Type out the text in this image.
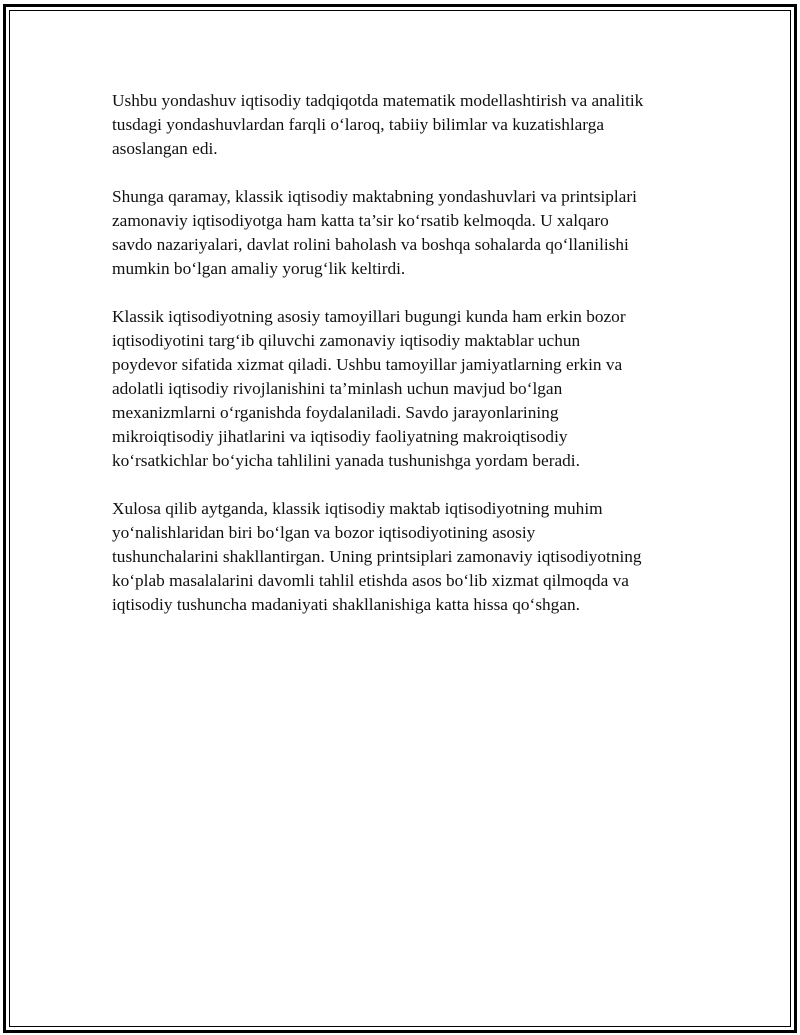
Ushbu yondashuv iqtisodiy tadqiqotda matematik modellashtirish va analitik
tusdagi yondashuvlardan farqli o‘laroq, tabiiy bilimlar va kuzatishlarga
asoslangan edi.

Shunga qaramay, klassik iqtisodiy maktabning yondashuvlari va printsiplari
zamonaviy iqtisodiyotga ham katta ta’sir ko‘rsatib kelmoqda. U xalqaro
savdo nazariyalari, davlat rolini baholash va boshqa sohalarda qo‘llanilishi
mumkin bo‘lgan amaliy yorug‘lik keltirdi.

Klassik iqtisodiyotning asosiy tamoyillari bugungi kunda ham erkin bozor
iqtisodiyotini targ‘ib qiluvchi zamonaviy iqtisodiy maktablar uchun
poydevor sifatida xizmat qiladi. Ushbu tamoyillar jamiyatlarning erkin va
adolatli iqtisodiy rivojlanishini ta’minlash uchun mavjud bo‘lgan
mexanizmlarni o‘rganishda foydalaniladi. Savdo jarayonlarining
mikroiqtisodiy jihatlarini va iqtisodiy faoliyatning makroiqtisodiy
ko‘rsatkichlar bo‘yicha tahlilini yanada tushunishga yordam beradi.

Xulosa qilib aytganda, klassik iqtisodiy maktab iqtisodiyotning muhim
yo‘nalishlaridan biri bo‘lgan va bozor iqtisodiyotining asosiy
tushunchalarini shakllantirgan. Uning printsiplari zamonaviy iqtisodiyotning
ko‘plab masalalarini davomli tahlil etishda asos bo‘lib xizmat qilmoqda va
iqtisodiy tushuncha madaniyati shakllanishiga katta hissa qo‘shgan.
